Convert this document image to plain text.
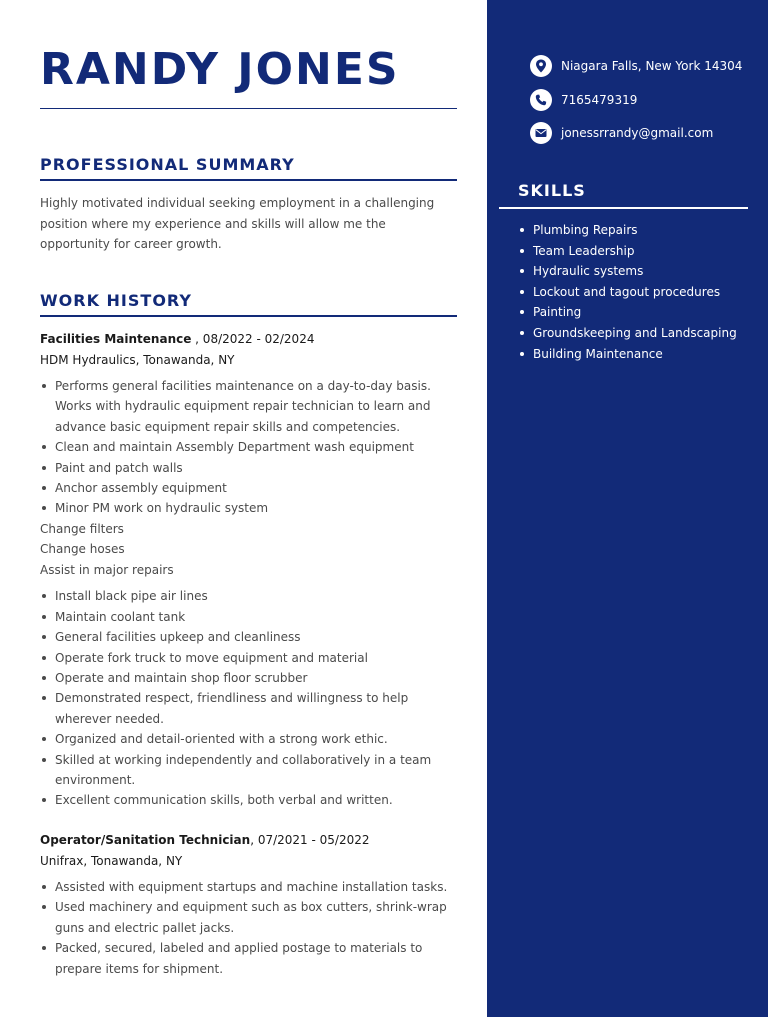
RANDY JONES
PROFESSIONAL SUMMARY

Highly motivated individual seeking employment in a challenging position where my experience and skills will allow me the opportunity for career growth.

WORK HISTORY

Facilities Maintenance , 08/2022 - 02/2024

HDM Hydraulics, Tonawanda, NY

Performs general facilities maintenance on a day-to-day basis. Works with hydraulic equipment repair technician to learn and advance basic equipment repair skills and competencies.
Clean and maintain Assembly Department wash equipment
Paint and patch walls
Anchor assembly equipment
Minor PM work on hydraulic system

Change filters

Change hoses

Assist in major repairs

Install black pipe air lines
Maintain coolant tank
General facilities upkeep and cleanliness
Operate fork truck to move equipment and material
Operate and maintain shop floor scrubber
Demonstrated respect, friendliness and willingness to help wherever needed.
Organized and detail-oriented with a strong work ethic.
Skilled at working independently and collaboratively in a team environment.
Excellent communication skills, both verbal and written.

Operator/Sanitation Technician, 07/2021 - 05/2022

Unifrax, Tonawanda, NY

Assisted with equipment startups and machine installation tasks.
Used machinery and equipment such as box cutters, shrink-wrap guns and electric pallet jacks.
Packed, secured, labeled and applied postage to materials to prepare items for shipment.
Niagara Falls, New York 14304
7165479319
jonessrrandy@gmail.com
SKILLS
Plumbing Repairs
Team Leadership
Hydraulic systems
Lockout and tagout procedures
Painting
Groundskeeping and Landscaping
Building Maintenance
